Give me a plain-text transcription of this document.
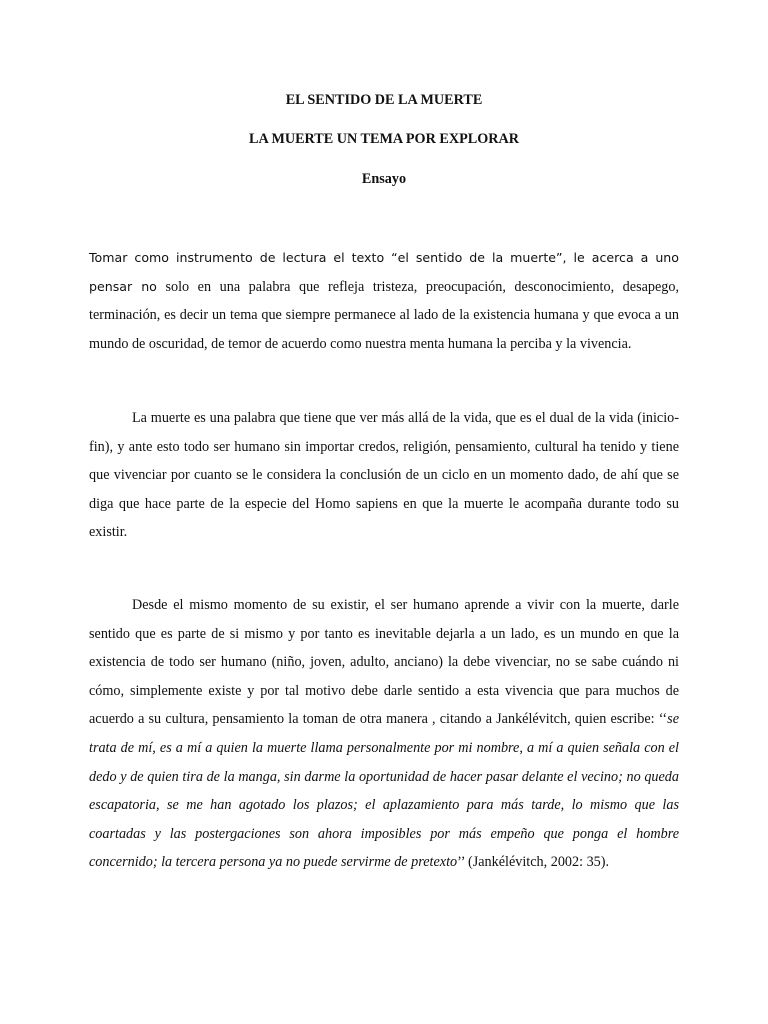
EL SENTIDO DE LA MUERTE
LA MUERTE UN TEMA POR EXPLORAR
Ensayo

Tomar como instrumento de lectura el texto “el sentido de la muerte”, le acerca a uno pensar no solo en una palabra que refleja tristeza, preocupación, desconocimiento, desapego, terminación, es decir un tema que siempre permanece al lado de la existencia humana y que evoca a un mundo de oscuridad, de temor de acuerdo como nuestra menta humana la perciba y la vivencia.

La muerte es una palabra que tiene que ver más allá de la vida, que es el dual de la vida (inicio-fin), y ante esto todo ser humano sin importar credos, religión, pensamiento, cultural ha tenido y tiene que vivenciar por cuanto se le considera la conclusión de un ciclo en un momento dado, de ahí que se diga que hace parte de la especie del Homo sapiens en que la muerte le acompaña durante todo su existir.

Desde el mismo momento de su existir, el ser humano aprende a vivir con la muerte, darle sentido que es parte de si mismo y por tanto es inevitable dejarla a un lado, es un mundo en que la existencia de todo ser humano (niño, joven, adulto, anciano) la debe vivenciar, no se sabe cuándo ni cómo, simplemente existe y por tal motivo debe darle sentido a esta vivencia que para muchos de acuerdo a su cultura, pensamiento la toman de otra manera , citando a Jankélévitch, quien escribe: ‘‘se trata de mí, es a mí a quien la muerte llama personalmente por mi nombre, a mí a quien señala con el dedo y de quien tira de la manga, sin darme la oportunidad de hacer pasar delante el vecino; no queda escapatoria, se me han agotado los plazos; el aplazamiento para más tarde, lo mismo que las coartadas y las postergaciones son ahora imposibles por más empeño que ponga el hombre concernido; la tercera persona ya no puede servirme de pretexto’’ (Jankélévitch, 2002: 35).
